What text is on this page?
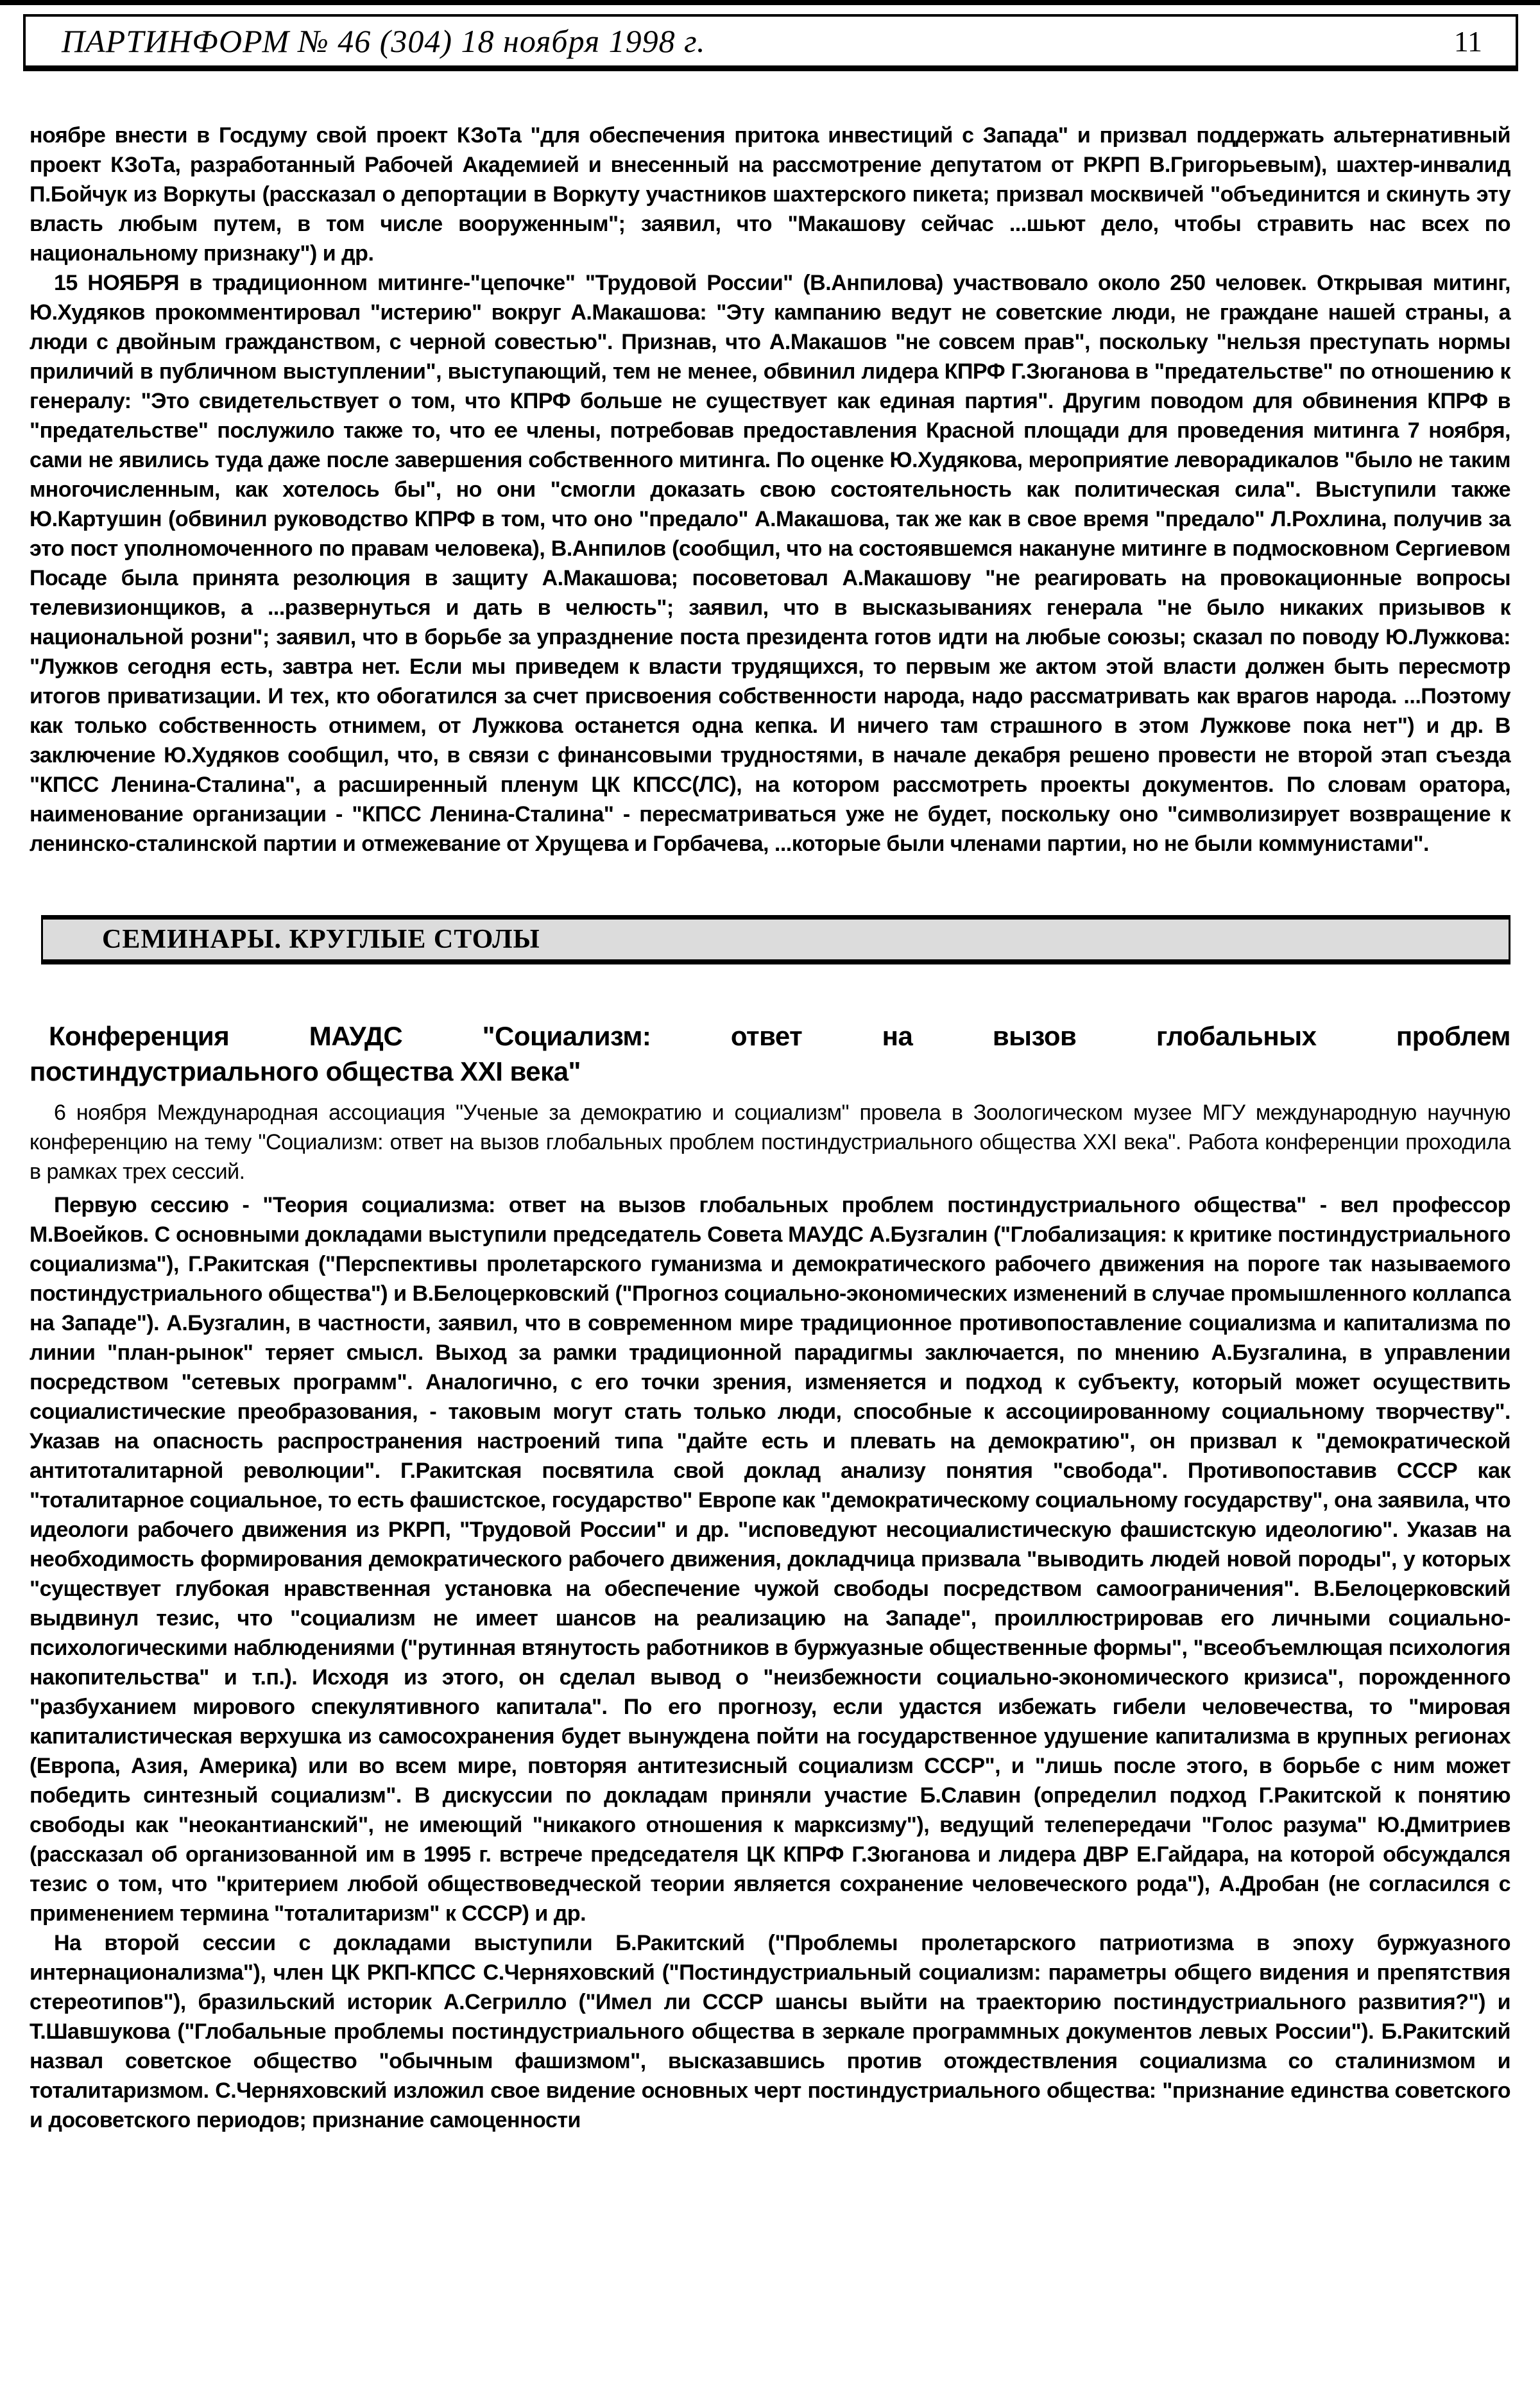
ПАРТИНФОРМ № 46 (304) 18 ноября 1998 г.	11

ноябре внести в Госдуму свой проект КЗоТа "для обеспечения притока инвестиций с Запада" и призвал поддержать альтернативный проект КЗоТа, разработанный Рабочей Академией и внесенный на рассмотрение депутатом от РКРП В.Григорьевым), шахтер-инвалид П.Бойчук из Воркуты (рассказал о депортации в Воркуту участников шахтерского пикета; призвал москвичей "объединится и скинуть эту власть любым путем, в том числе вооруженным"; заявил, что "Макашову сейчас ...шьют дело, чтобы стравить нас всех по национальному признаку") и др.

15 НОЯБРЯ в традиционном митинге-"цепочке" "Трудовой России" (В.Анпилова) участвовало около 250 человек. Открывая митинг, Ю.Худяков прокомментировал "истерию" вокруг А.Макашова: "Эту кампанию ведут не советские люди, не граждане нашей страны, а люди с двойным гражданством, с черной совестью". Признав, что А.Макашов "не совсем прав", поскольку "нельзя преступать нормы приличий в публичном выступлении", выступающий, тем не менее, обвинил лидера КПРФ Г.Зюганова в "предательстве" по отношению к генералу: "Это свидетельствует о том, что КПРФ больше не существует как единая партия". Другим поводом для обвинения КПРФ в "предательстве" послужило также то, что ее члены, потребовав предоставления Красной площади для проведения митинга 7 ноября, сами не явились туда даже после завершения собственного митинга. По оценке Ю.Худякова, мероприятие леворадикалов "было не таким многочисленным, как хотелось бы", но они "смогли доказать свою состоятельность как политическая сила". Выступили также Ю.Картушин (обвинил руководство КПРФ в том, что оно "предало" А.Макашова, так же как в свое время "предало" Л.Рохлина, получив за это пост уполномоченного по правам человека), В.Анпилов (сообщил, что на состоявшемся накануне митинге в подмосковном Сергиевом Посаде была принята резолюция в защиту А.Макашова; посоветовал А.Макашову "не реагировать на провокационные вопросы телевизионщиков, а ...развернуться и дать в челюсть"; заявил, что в высказываниях генерала "не было никаких призывов к национальной розни"; заявил, что в борьбе за упразднение поста президента готов идти на любые союзы; сказал по поводу Ю.Лужкова: "Лужков сегодня есть, завтра нет. Если мы приведем к власти трудящихся, то первым же актом этой власти должен быть пересмотр итогов приватизации. И тех, кто обогатился за счет присвоения собственности народа, надо рассматривать как врагов народа. ...Поэтому как только собственность отнимем, от Лужкова останется одна кепка. И ничего там страшного в этом Лужкове пока нет") и др. В заключение Ю.Худяков сообщил, что, в связи с финансовыми трудностями, в начале декабря решено провести не второй этап съезда "КПСС Ленина-Сталина", а расширенный пленум ЦК КПСС(ЛС), на котором рассмотреть проекты документов. По словам оратора, наименование организации - "КПСС Ленина-Сталина" - пересматриваться уже не будет, поскольку оно "символизирует возвращение к ленинско-сталинской партии и отмежевание от Хрущева и Горбачева, ...которые были членами партии, но не были коммунистами".

СЕМИНАРЫ. КРУГЛЫЕ СТОЛЫ
Конференция МАУДС "Социализм: ответ на вызов глобальных проблем
постиндустриального общества XXI века"

6 ноября Международная ассоциация "Ученые за демократию и социализм" провела в Зоологическом музее МГУ международную научную конференцию на тему "Социализм: ответ на вызов глобальных проблем постиндустриального общества XXI века". Работа конференции проходила в рамках трех сессий.

Первую сессию - "Теория социализма: ответ на вызов глобальных проблем постиндустриального общества" - вел профессор М.Воейков. С основными докладами выступили председатель Совета МАУДС А.Бузгалин ("Глобализация: к критике постиндустриального социализма"), Г.Ракитская ("Перспективы пролетарского гуманизма и демократического рабочего движения на пороге так называемого постиндустриального общества") и В.Белоцерковский ("Прогноз социально-экономических изменений в случае промышленного коллапса на Западе"). А.Бузгалин, в частности, заявил, что в современном мире традиционное противопоставление социализма и капитализма по линии "план-рынок" теряет смысл. Выход за рамки традиционной парадигмы заключается, по мнению А.Бузгалина, в управлении посредством "сетевых программ". Аналогично, с его точки зрения, изменяется и подход к субъекту, который может осуществить социалистические преобразования, - таковым могут стать только люди, способные к ассоциированному социальному творчеству". Указав на опасность распространения настроений типа "дайте есть и плевать на демократию", он призвал к "демократической антитоталитарной революции". Г.Ракитская посвятила свой доклад анализу понятия "свобода". Противопоставив СССР как "тоталитарное социальное, то есть фашистское, государство" Европе как "демократическому социальному государству", она заявила, что идеологи рабочего движения из РКРП, "Трудовой России" и др. "исповедуют несоциалистическую фашистскую идеологию". Указав на необходимость формирования демократического рабочего движения, докладчица призвала "выводить людей новой породы", у которых "существует глубокая нравственная установка на обеспечение чужой свободы посредством самоограничения". В.Белоцерковский выдвинул тезис, что "социализм не имеет шансов на реализацию на Западе", проиллюстрировав его личными социально-психологическими наблюдениями ("рутинная втянутость работников в буржуазные общественные формы", "всеобъемлющая психология накопительства" и т.п.). Исходя из этого, он сделал вывод о "неизбежности социально-экономического кризиса", порожденного "разбуханием мирового спекулятивного капитала". По его прогнозу, если удастся избежать гибели человечества, то "мировая капиталистическая верхушка из самосохранения будет вынуждена пойти на государственное удушение капитализма в крупных регионах (Европа, Азия, Америка) или во всем мире, повторяя антитезисный социализм СССР", и "лишь после этого, в борьбе с ним может победить синтезный социализм". В дискуссии по докладам приняли участие Б.Славин (определил подход Г.Ракитской к понятию свободы как "неокантианский", не имеющий "никакого отношения к марксизму"), ведущий телепередачи "Голос разума" Ю.Дмитриев (рассказал об организованной им в 1995 г. встрече председателя ЦК КПРФ Г.Зюганова и лидера ДВР Е.Гайдара, на которой обсуждался тезис о том, что "критерием любой обществоведческой теории является сохранение человеческого рода"), А.Дробан (не согласился с применением термина "тоталитаризм" к СССР) и др.

На второй сессии с докладами выступили Б.Ракитский ("Проблемы пролетарского патриотизма в эпоху буржуазного интернационализма"), член ЦК РКП-КПСС С.Черняховский ("Постиндустриальный социализм: параметры общего видения и препятствия стереотипов"), бразильский историк А.Сегрилло ("Имел ли СССР шансы выйти на траекторию постиндустриального развития?") и Т.Шавшукова ("Глобальные проблемы постиндустриального общества в зеркале программных документов левых России"). Б.Ракитский назвал советское общество "обычным фашизмом", высказавшись против отождествления социализма со сталинизмом и тоталитаризмом. С.Черняховский изложил свое видение основных черт постиндустриального общества: "признание единства советского и досоветского периодов; признание самоценности
